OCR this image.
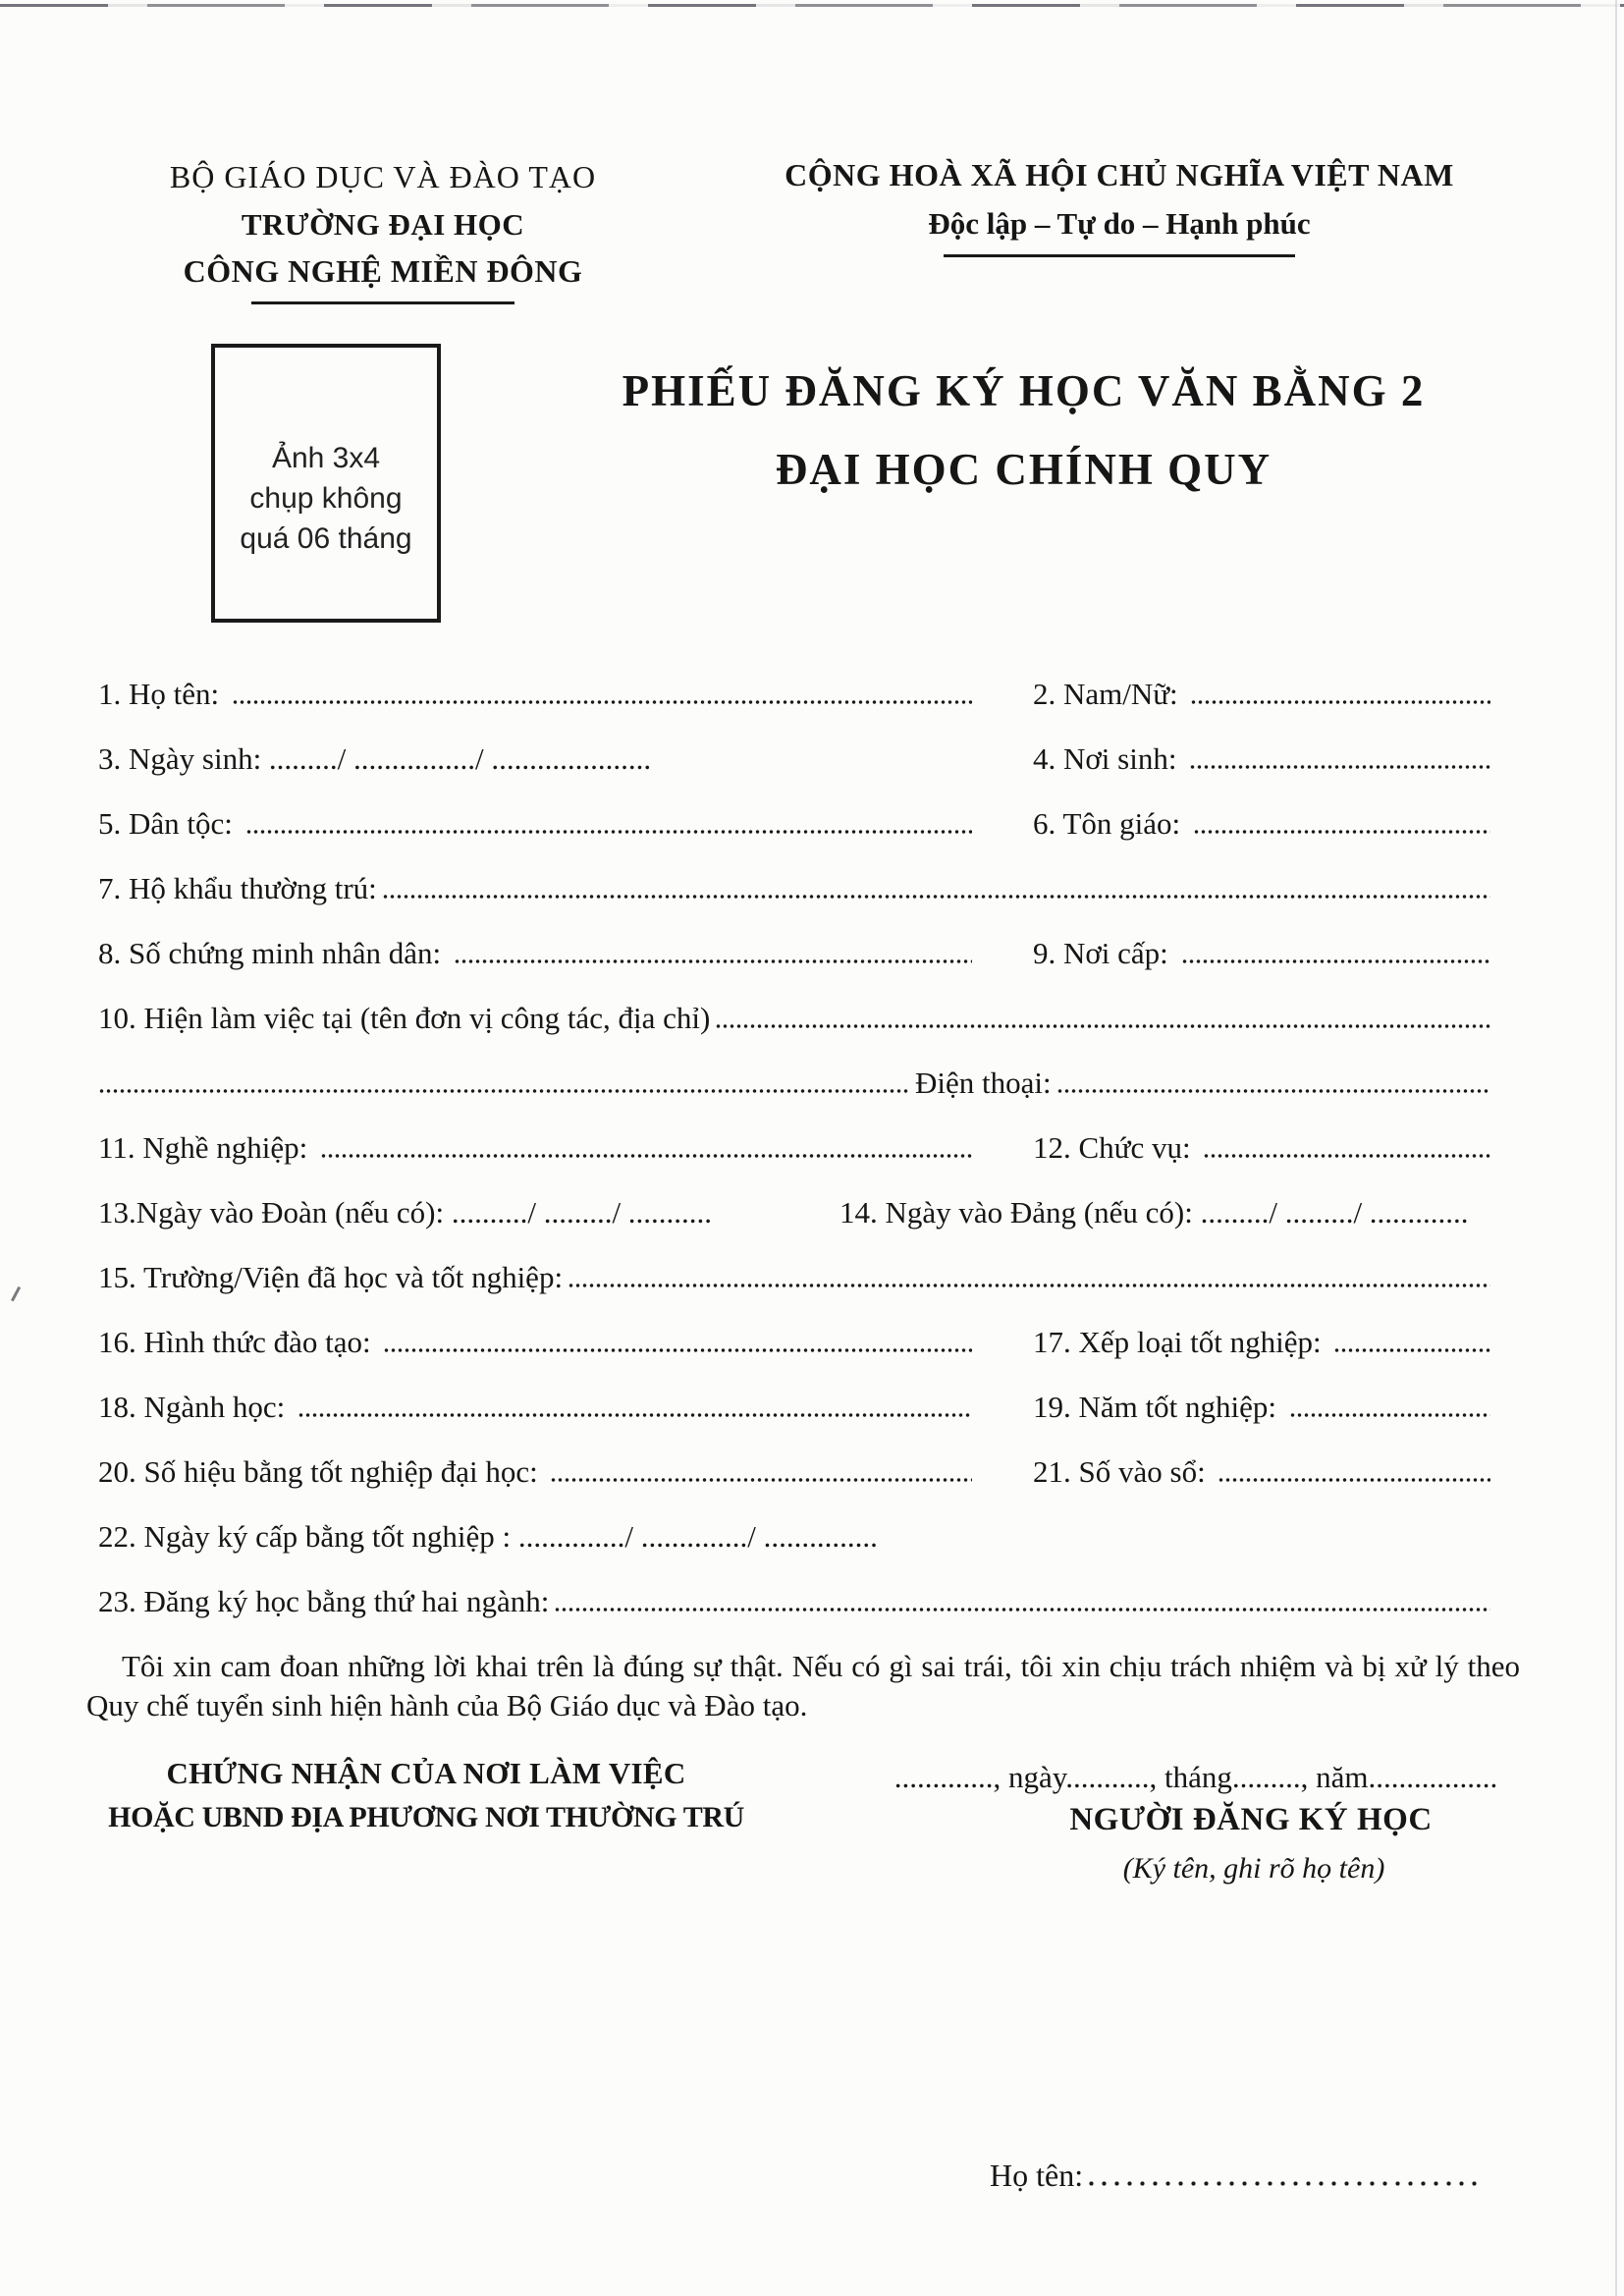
BỘ GIÁO DỤC VÀ ĐÀO TẠO
TRƯỜNG ĐẠI HỌC
CÔNG NGHỆ MIỀN ĐÔNG
CỘNG HOÀ XÃ HỘI CHỦ NGHĨA VIỆT NAM
Độc lập – Tự do – Hạnh phúc
Ảnh 3x4
chụp không
quá 06 tháng
PHIẾU ĐĂNG KÝ HỌC VĂN BẰNG 2
ĐẠI HỌC CHÍNH QUY
1. Họ tên:	2. Nam/Nữ:
3. Ngày sinh: ........./ ................/ .....................	4. Nơi sinh:
5. Dân tộc:	6. Tôn giáo:
7. Hộ khẩu thường trú:
8. Số chứng minh nhân dân:	9. Nơi cấp:
10. Hiện làm việc tại (tên đơn vị công tác, địa chỉ)
Điện thoại:
11. Nghề nghiệp:	12. Chức vụ:
13.Ngày vào Đoàn (nếu có): ........../ ........./ ...........	14. Ngày vào Đảng (nếu có): ........./ ........./ .............
15. Trường/Viện đã học và tốt nghiệp:
16. Hình thức đào tạo:	17. Xếp loại tốt nghiệp:
18. Ngành học:	19. Năm tốt nghiệp:
20. Số hiệu bằng tốt nghiệp đại học:	21. Số vào sổ:
22. Ngày ký cấp bằng tốt nghiệp : ............../ ............../ ...............
23. Đăng ký học bằng thứ hai ngành:
Tôi xin cam đoan những lời khai trên là đúng sự thật. Nếu có gì sai trái, tôi xin chịu trách nhiệm và bị xử lý theo Quy chế tuyển sinh hiện hành của Bộ Giáo dục và Đào tạo.
CHỨNG NHẬN CỦA NƠI LÀM VIỆC
HOẶC UBND ĐỊA PHƯƠNG NƠI THƯỜNG TRÚ
............., ngày..........., tháng........., năm.................
NGƯỜI ĐĂNG KÝ HỌC
(Ký tên, ghi rõ họ tên)
Họ tên:
